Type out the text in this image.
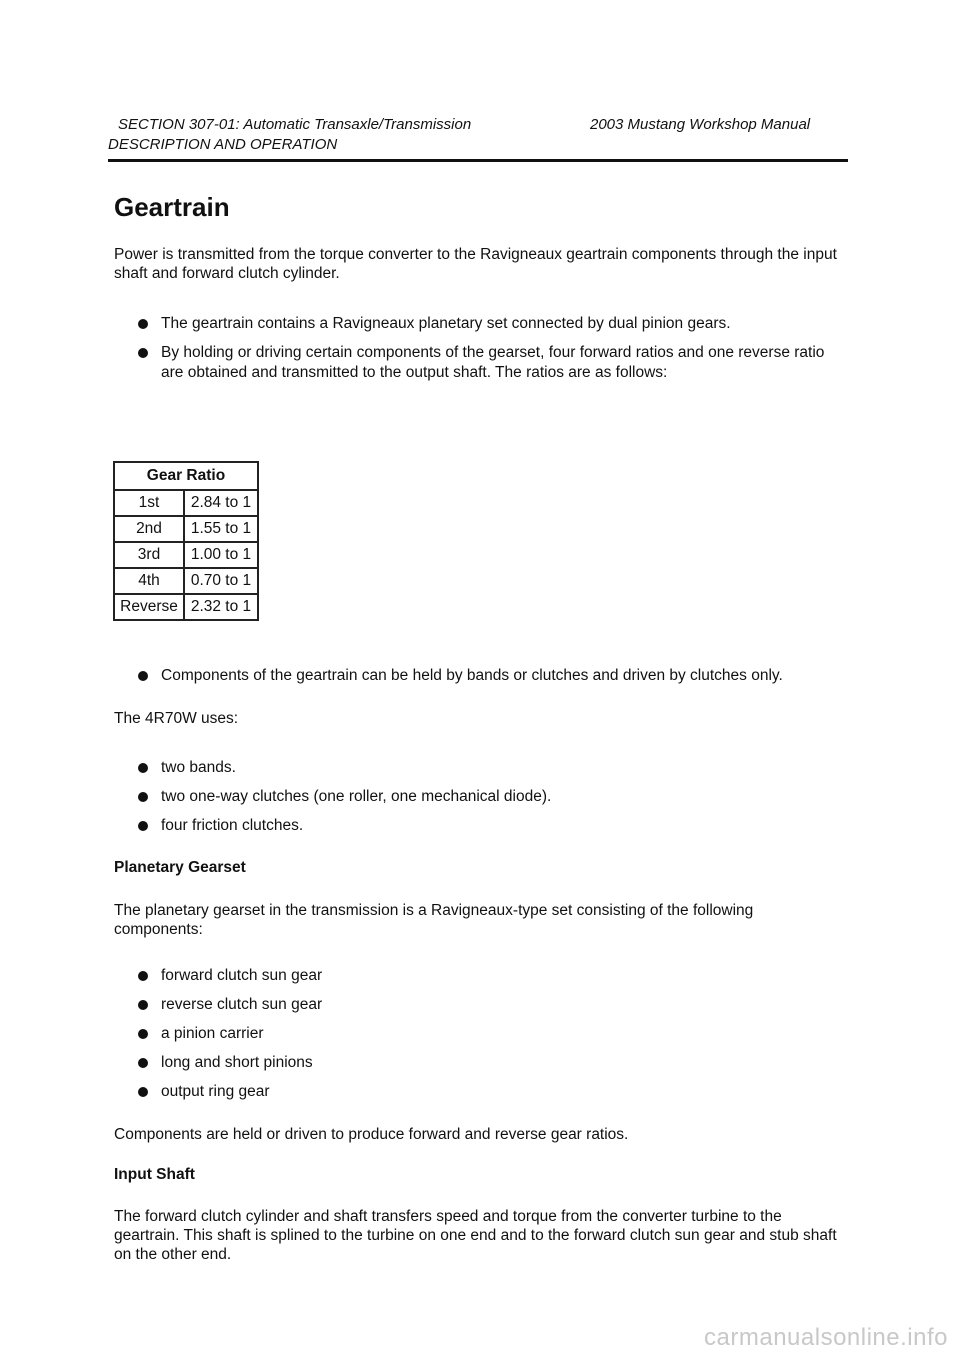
SECTION 307-01: Automatic Transaxle/Transmission	2003 Mustang Workshop Manual
DESCRIPTION AND OPERATION
Geartrain

Power is transmitted from the torque converter to the Ravigneaux geartrain components through the input shaft and forward clutch cylinder.

The geartrain contains a Ravigneaux planetary set connected by dual pinion gears.
By holding or driving certain components of the gearset, four forward ratios and one reverse ratio are obtained and transmitted to the output shaft. The ratios are as follows:
Gear Ratio	
1st	2.84 to 1
2nd	1.55 to 1
3rd	1.00 to 1
4th	0.70 to 1
Reverse	2.32 to 1
Components of the geartrain can be held by bands or clutches and driven by clutches only.

The 4R70W uses:

two bands.
two one-way clutches (one roller, one mechanical diode).
four friction clutches.
Planetary Gearset

The planetary gearset in the transmission is a Ravigneaux-type set consisting of the following components:

forward clutch sun gear
reverse clutch sun gear
a pinion carrier
long and short pinions
output ring gear

Components are held or driven to produce forward and reverse gear ratios.

Input Shaft

The forward clutch cylinder and shaft transfers speed and torque from the converter turbine to the geartrain. This shaft is splined to the turbine on one end and to the forward clutch sun gear and stub shaft on the other end.

carmanualsonline.info
